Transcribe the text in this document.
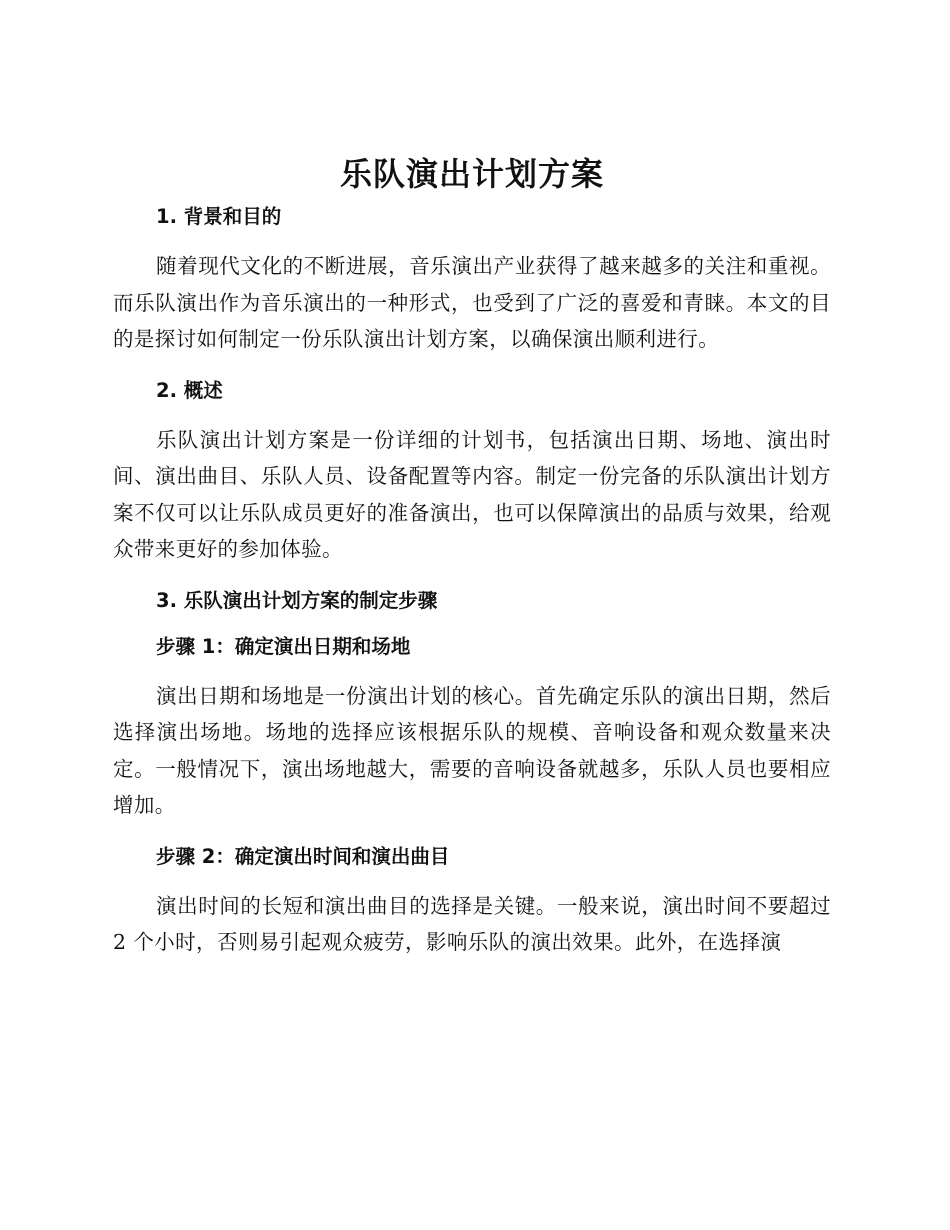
乐队演出计划方案
1. 背景和目的

随着现代文化的不断进展，音乐演出产业获得了越来越多的关注和重视。而乐队演出作为音乐演出的一种形式，也受到了广泛的喜爱和青睐。本文的目的是探讨如何制定一份乐队演出计划方案，以确保演出顺利进行。

2. 概述

乐队演出计划方案是一份详细的计划书，包括演出日期、场地、演出时间、演出曲目、乐队人员、设备配置等内容。制定一份完备的乐队演出计划方案不仅可以让乐队成员更好的准备演出，也可以保障演出的品质与效果，给观众带来更好的参加体验。

3. 乐队演出计划方案的制定步骤
步骤 1：确定演出日期和场地

演出日期和场地是一份演出计划的核心。首先确定乐队的演出日期，然后选择演出场地。场地的选择应该根据乐队的规模、音响设备和观众数量来决定。一般情况下，演出场地越大，需要的音响设备就越多，乐队人员也要相应增加。

步骤 2：确定演出时间和演出曲目

演出时间的长短和演出曲目的选择是关键。一般来说，演出时间不要超过 2 个小时，否则易引起观众疲劳，影响乐队的演出效果。此外，在选择演
